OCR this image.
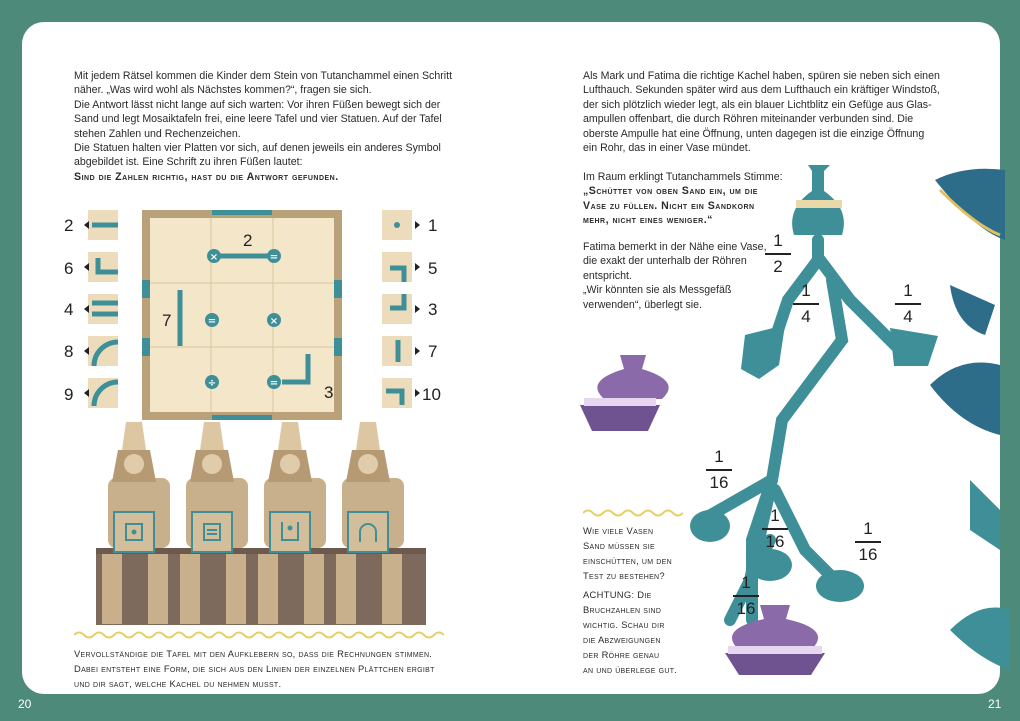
Mit jedem Rätsel kommen die Kinder dem Stein von Tutanchammel einen Schritt

näher. „Was wird wohl als Nächstes kommen?“, fragen sie sich.

Die Antwort lässt nicht lange auf sich warten: Vor ihren Füßen bewegt sich der

Sand und legt Mosaiktafeln frei, eine leere Tafel und vier Statuen. Auf der Tafel

stehen Zahlen und Rechenzeichen.

Die Statuen halten vier Platten vor sich, auf denen jeweils ein anderes Symbol

abgebildet ist. Eine Schrift zu ihren Füßen lautet:

Sind die Zahlen richtig, hast du die Antwort gefunden.

2
6
4
8
9
1
5
3
7
10
×	=
=	×
÷	=
2
7
3

Vervollständige die Tafel mit den Aufklebern so, dass die Rechnungen stimmen.

Dabei entsteht eine Form, die sich aus den Linien der einzelnen Plättchen ergibt

und dir sagt, welche Kachel du nehmen musst.

Als Mark und Fatima die richtige Kachel haben, spüren sie neben sich einen

Lufthauch. Sekunden später wird aus dem Lufthauch ein kräftiger Windstoß,

der sich plötzlich wieder legt, als ein blauer Lichtblitz ein Gefüge aus Glas-

ampullen offenbart, die durch Röhren miteinander verbunden sind. Die

oberste Ampulle hat eine Öffnung, unten dagegen ist die einzige Öffnung

ein Rohr, das in einer Vase mündet.

Im Raum erklingt Tutanchammels Stimme:

„Schüttet von oben Sand ein, um die

Vase zu füllen. Nicht ein Sandkorn

mehr, nicht eines weniger.“

Fatima bemerkt in der Nähe eine Vase,

die exakt der unterhalb der Röhren

entspricht.

„Wir könnten sie als Messgefäß

verwenden“, überlegt sie.

1
2
1
4
1
4
1
16
1
16
1
16
1
16

Wie viele Vasen

Sand müssen sie

einschütten, um den

Test zu bestehen?

ACHTUNG: Die

Bruchzahlen sind

wichtig. Schau dir

die Abzweigungen

der Röhre genau

an und überlege gut.

20	21
